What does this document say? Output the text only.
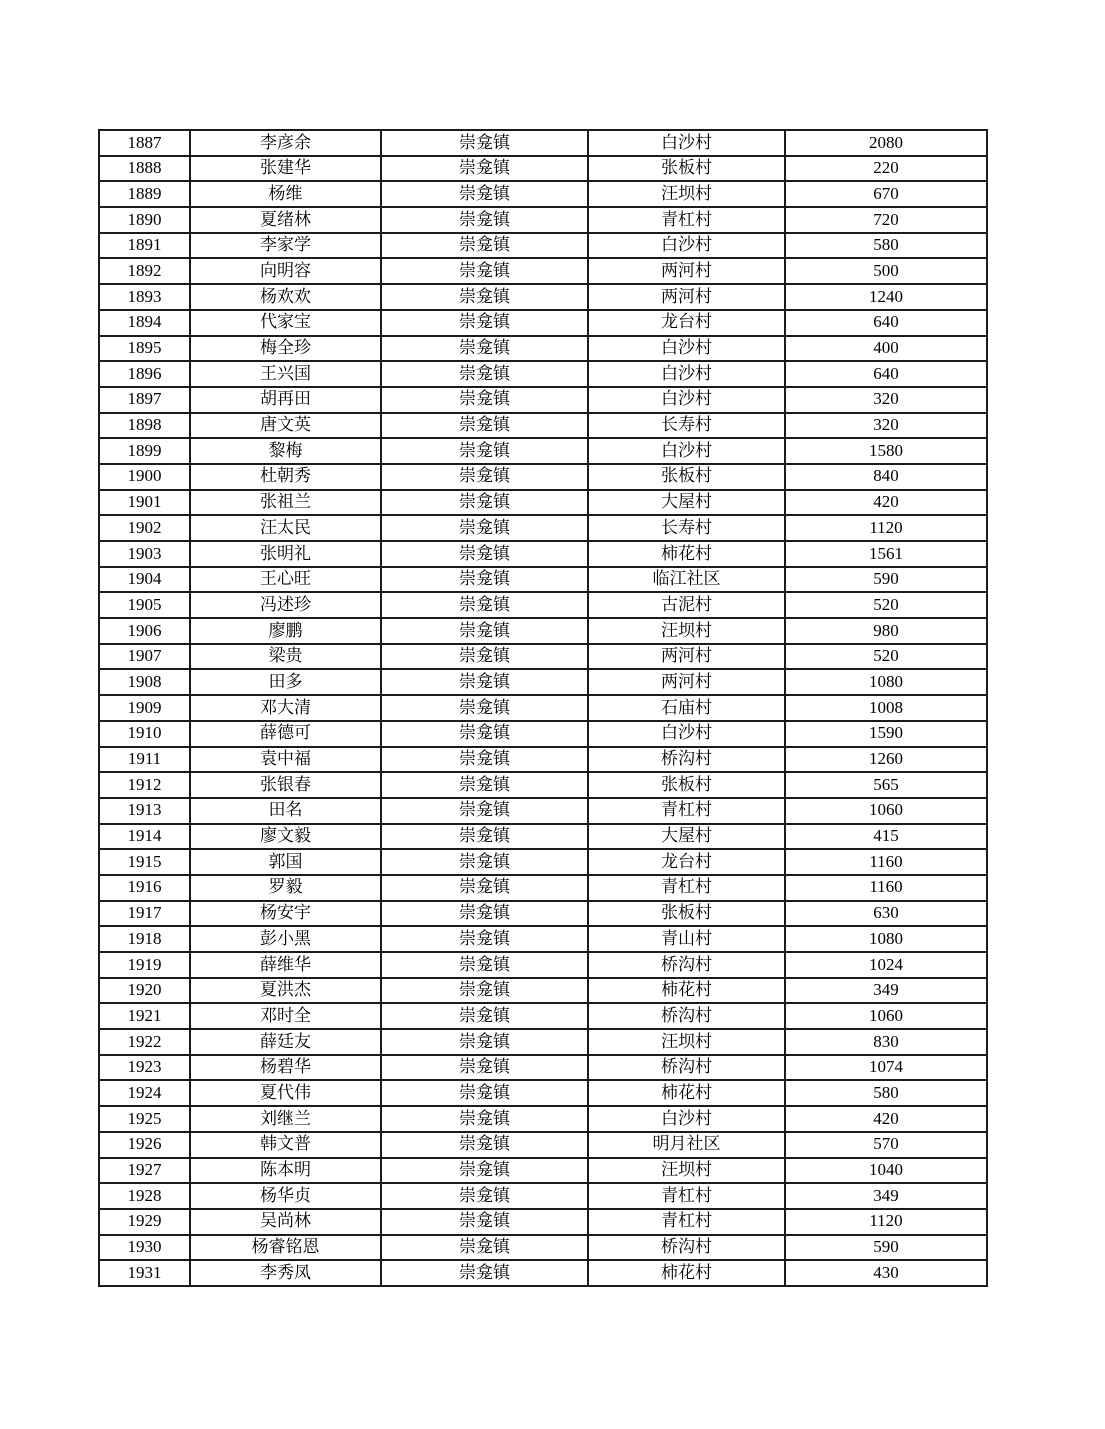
1887	李彦余	崇龛镇	白沙村	2080
1888	张建华	崇龛镇	张板村	220
1889	杨维	崇龛镇	汪坝村	670
1890	夏绪林	崇龛镇	青杠村	720
1891	李家学	崇龛镇	白沙村	580
1892	向明容	崇龛镇	两河村	500
1893	杨欢欢	崇龛镇	两河村	1240
1894	代家宝	崇龛镇	龙台村	640
1895	梅全珍	崇龛镇	白沙村	400
1896	王兴国	崇龛镇	白沙村	640
1897	胡再田	崇龛镇	白沙村	320
1898	唐文英	崇龛镇	长寿村	320
1899	黎梅	崇龛镇	白沙村	1580
1900	杜朝秀	崇龛镇	张板村	840
1901	张祖兰	崇龛镇	大屋村	420
1902	汪太民	崇龛镇	长寿村	1120
1903	张明礼	崇龛镇	柿花村	1561
1904	王心旺	崇龛镇	临江社区	590
1905	冯述珍	崇龛镇	古泥村	520
1906	廖鹏	崇龛镇	汪坝村	980
1907	梁贵	崇龛镇	两河村	520
1908	田多	崇龛镇	两河村	1080
1909	邓大清	崇龛镇	石庙村	1008
1910	薛德可	崇龛镇	白沙村	1590
1911	袁中福	崇龛镇	桥沟村	1260
1912	张银春	崇龛镇	张板村	565
1913	田名	崇龛镇	青杠村	1060
1914	廖文毅	崇龛镇	大屋村	415
1915	郭国	崇龛镇	龙台村	1160
1916	罗毅	崇龛镇	青杠村	1160
1917	杨安宇	崇龛镇	张板村	630
1918	彭小黑	崇龛镇	青山村	1080
1919	薛维华	崇龛镇	桥沟村	1024
1920	夏洪杰	崇龛镇	柿花村	349
1921	邓时全	崇龛镇	桥沟村	1060
1922	薛廷友	崇龛镇	汪坝村	830
1923	杨碧华	崇龛镇	桥沟村	1074
1924	夏代伟	崇龛镇	柿花村	580
1925	刘继兰	崇龛镇	白沙村	420
1926	韩文普	崇龛镇	明月社区	570
1927	陈本明	崇龛镇	汪坝村	1040
1928	杨华贞	崇龛镇	青杠村	349
1929	吴尚林	崇龛镇	青杠村	1120
1930	杨睿铭恩	崇龛镇	桥沟村	590
1931	李秀凤	崇龛镇	柿花村	430
